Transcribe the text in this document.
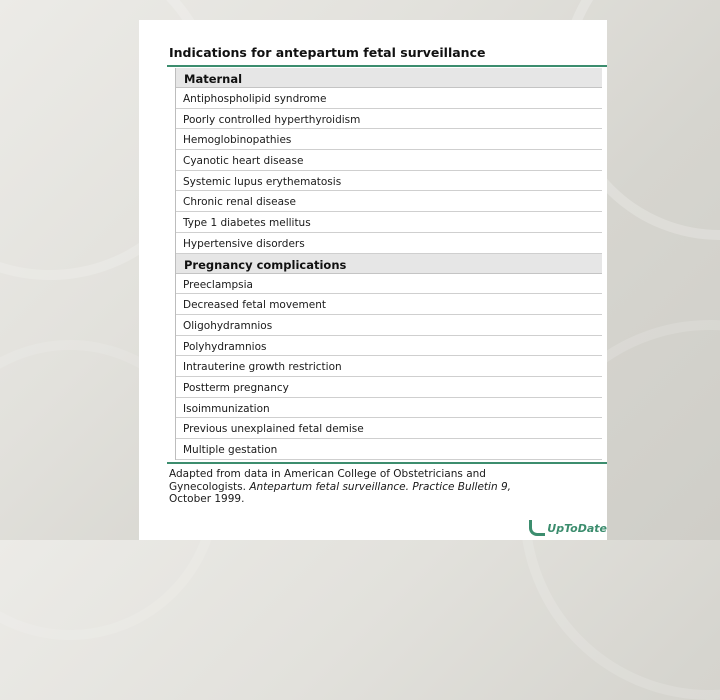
Indications for antepartum fetal surveillance
Maternal
Antiphospholipid syndrome
Poorly controlled hyperthyroidism
Hemoglobinopathies
Cyanotic heart disease
Systemic lupus erythematosis
Chronic renal disease
Type 1 diabetes mellitus
Hypertensive disorders
Pregnancy complications
Preeclampsia
Decreased fetal movement
Oligohydramnios
Polyhydramnios
Intrauterine growth restriction
Postterm pregnancy
Isoimmunization
Previous unexplained fetal demise
Multiple gestation
Adapted from data in American College of Obstetricians and
Gynecologists. Antepartum fetal surveillance. Practice Bulletin 9,
October 1999.
UpToDate
